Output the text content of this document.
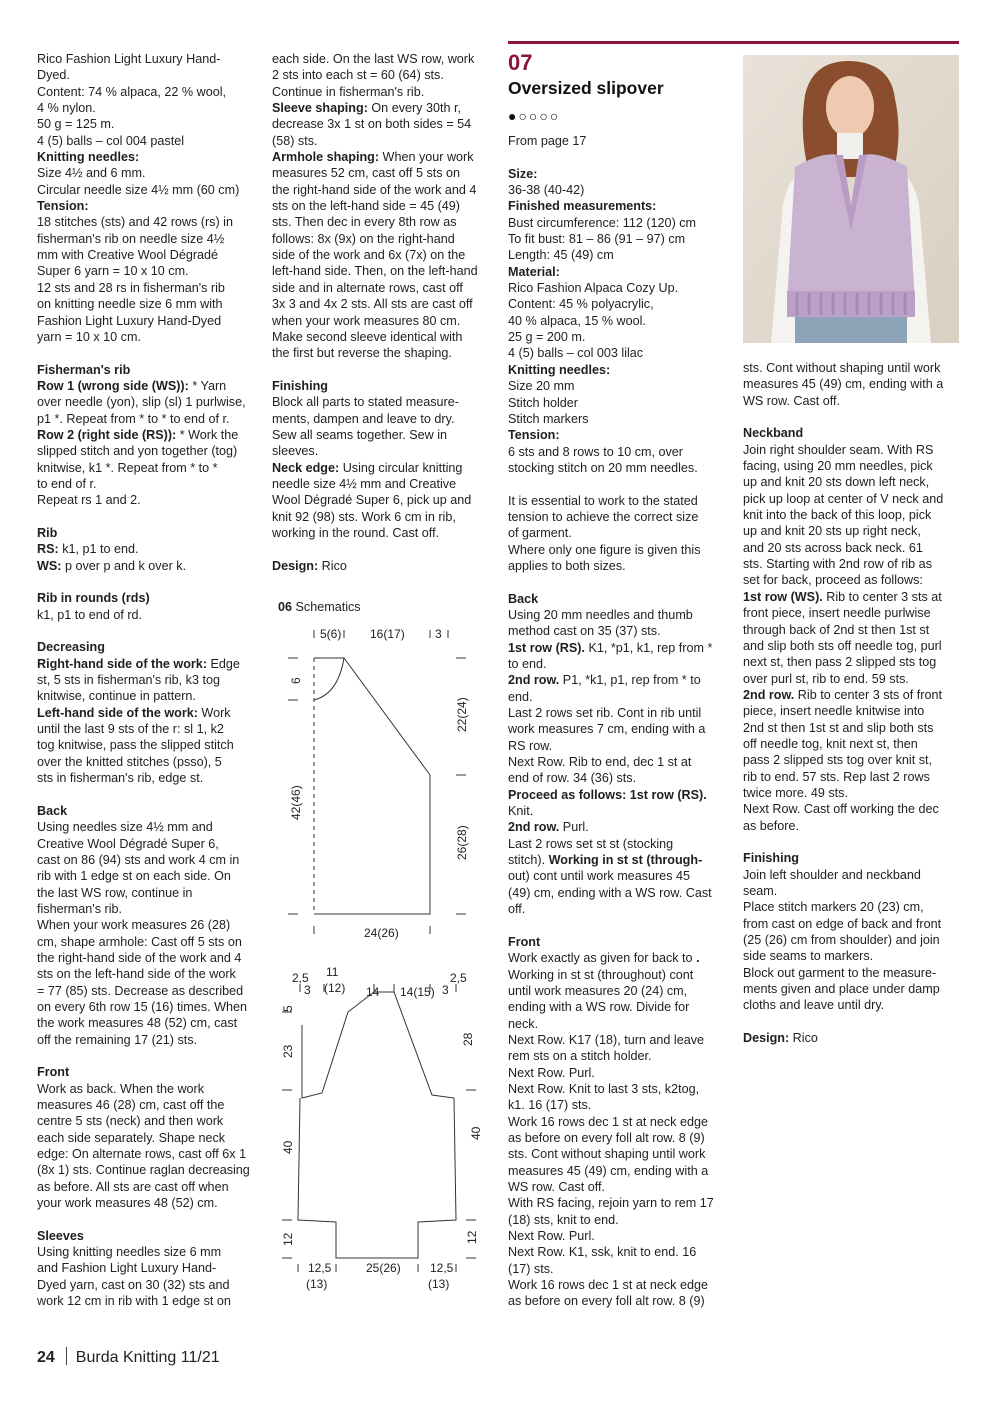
Rico Fashion Light Luxury Hand-

Dyed.

Content: 74 % alpaca, 22 % wool,

4 % nylon.

50 g = 125 m.

4 (5) balls – col 004 pastel

Knitting needles:

Size 4½ and 6 mm.

Circular needle size 4½ mm (60 cm)

Tension:

18 stitches (sts) and 42 rows (rs) in

fisherman's rib on needle size 4½

mm with Creative Wool Dégradé

Super 6 yarn = 10 x 10 cm.

12 sts and 28 rs in fisherman's rib

on knitting needle size 6 mm with

Fashion Light Luxury Hand-Dyed

yarn = 10 x 10 cm.

Fisherman's rib

Row 1 (wrong side (WS)): * Yarn

over needle (yon), slip (sl) 1 purlwise,

p1 *. Repeat from * to * to end of r.

Row 2 (right side (RS)): * Work the

slipped stitch and yon together (tog)

knitwise, k1 *. Repeat from * to *

to end of r.

Repeat rs 1 and 2.

Rib

RS: k1, p1 to end.

WS: p over p and k over k.

Rib in rounds (rds)

k1, p1 to end of rd.

Decreasing

Right-hand side of the work: Edge

st, 5 sts in fisherman's rib, k3 tog

knitwise, continue in pattern.

Left-hand side of the work: Work

until the last 9 sts of the r: sl 1, k2

tog knitwise, pass the slipped stitch

over the knitted stitches (psso), 5

sts in fisherman's rib, edge st.

Back

Using needles size 4½ mm and

Creative Wool Dégradé Super 6,

cast on 86 (94) sts and work 4 cm in

rib with 1 edge st on each side. On

the last WS row, continue in

fisherman's rib.

When your work measures 26 (28)

cm, shape armhole: Cast off 5 sts on

the right-hand side of the work and 4

sts on the left-hand side of the work

= 77 (85) sts. Decrease as described

on every 6th row 15 (16) times. When

the work measures 48 (52) cm, cast

off the remaining 17 (21) sts.

Front

Work as back. When the work

measures 46 (28) cm, cast off the

centre 5 sts (neck) and then work

each side separately. Shape neck

edge: On alternate rows, cast off 6x 1

(8x 1) sts. Continue raglan decreasing

as before. All sts are cast off when

your work measures 48 (52) cm.

Sleeves

Using knitting needles size 6 mm

and Fashion Light Luxury Hand-

Dyed yarn, cast on 30 (32) sts and

work 12 cm in rib with 1 edge st on

each side. On the last WS row, work

2 sts into each st = 60 (64) sts.

Continue in fisherman's rib.

Sleeve shaping: On every 30th r,

decrease 3x 1 st on both sides = 54

(58) sts.

Armhole shaping: When your work

measures 52 cm, cast off 5 sts on

the right-hand side of the work and 4

sts on the left-hand side = 45 (49)

sts. Then dec in every 8th row as

follows: 8x (9x) on the right-hand

side of the work and 6x (7x) on the

left-hand side. Then, on the left-hand

side and in alternate rows, cast off

3x 3 and 4x 2 sts. All sts are cast off

when your work measures 80 cm.

Make second sleeve identical with

the first but reverse the shaping.

Finishing

Block all parts to stated measure-

ments, dampen and leave to dry.

Sew all seams together. Sew in

sleeves.

Neck edge: Using circular knitting

needle size 4½ mm and Creative

Wool Dégradé Super 6, pick up and

knit 92 (98) sts. Work 6 cm in rib,

working in the round. Cast off.

Design: Rico

07
Oversized slipover
●○○○○

From page 17

Size:

36-38 (40-42)

Finished measurements:

Bust circumference: 112 (120) cm

To fit bust: 81 – 86 (91 – 97) cm

Length: 45 (49) cm

Material:

Rico Fashion Alpaca Cozy Up.

Content: 45 % polyacrylic,

40 % alpaca, 15 % wool.

25 g = 200 m.

4 (5) balls – col 003 lilac

Knitting needles:

Size 20 mm

Stitch holder

Stitch markers

Tension:

6 sts and 8 rows to 10 cm, over

stocking stitch on 20 mm needles.

It is essential to work to the stated

tension to achieve the correct size

of garment.

Where only one figure is given this

applies to both sizes.

Back

Using 20 mm needles and thumb

method cast on 35 (37) sts.

1st row (RS). K1, *p1, k1, rep from *

to end.

2nd row. P1, *k1, p1, rep from * to

end.

Last 2 rows set rib. Cont in rib until

work measures 7 cm, ending with a

RS row.

Next Row. Rib to end, dec 1 st at

end of row. 34 (36) sts.

Proceed as follows: 1st row (RS).

Knit.

2nd row. Purl.

Last 2 rows set st st (stocking

stitch). Working in st st (through-

out) cont until work measures 45

(49) cm, ending with a WS row. Cast

off.

Front

Work exactly as given for back to .

Working in st st (throughout) cont

until work measures 20 (24) cm,

ending with a WS row. Divide for

neck.

Next Row. K17 (18), turn and leave

rem sts on a stitch holder.

Next Row. Purl.

Next Row. Knit to last 3 sts, k2tog,

k1. 16 (17) sts.

Work 16 rows dec 1 st at neck edge

as before on every foll alt row. 8 (9)

sts. Cont without shaping until work

measures 45 (49) cm, ending with a

WS row. Cast off.

With RS facing, rejoin yarn to rem 17

(18) sts, knit to end.

Next Row. Purl.

Next Row. K1, ssk, knit to end. 16

(17) sts.

Work 16 rows dec 1 st at neck edge

as before on every foll alt row. 8 (9)

sts. Cont without shaping until work

measures 45 (49) cm, ending with a

WS row. Cast off.

Neckband

Join right shoulder seam. With RS

facing, using 20 mm needles, pick

up and knit 20 sts down left neck,

pick up loop at center of V neck and

knit into the back of this loop, pick

up and knit 20 sts up right neck,

and 20 sts across back neck. 61

sts. Starting with 2nd row of rib as

set for back, proceed as follows:

1st row (WS). Rib to center 3 sts at

front piece, insert needle purlwise

through back of 2nd st then 1st st

and slip both sts off needle tog, purl

next st, then pass 2 slipped sts tog

over purl st, rib to end. 59 sts.

2nd row. Rib to center 3 sts of front

piece, insert needle knitwise into

2nd st then 1st st and slip both sts

off needle tog, knit next st, then

pass 2 slipped sts tog over knit st,

rib to end. 57 sts. Rep last 2 rows

twice more. 49 sts.

Next Row. Cast off working the dec

as before.

Finishing

Join left shoulder and neckband

seam.

Place stitch markers 20 (23) cm,

from cast on edge of back and front

(25 (26) cm from shoulder) and join

side seams to markers.

Block out garment to the measure-

ments given and place under damp

cloths and leave until dry.

Design: Rico

06 Schematics
5(6) 16(17)	3
6
22(24)
42(46)
26(28)
24(26)
2,5 11
(12)
3	14 14(15) 3
2,5
5
23
28
40
40
12	12
12,5
(13)
25(26) 12,5
(13)
24 Burda Knitting 11/21
